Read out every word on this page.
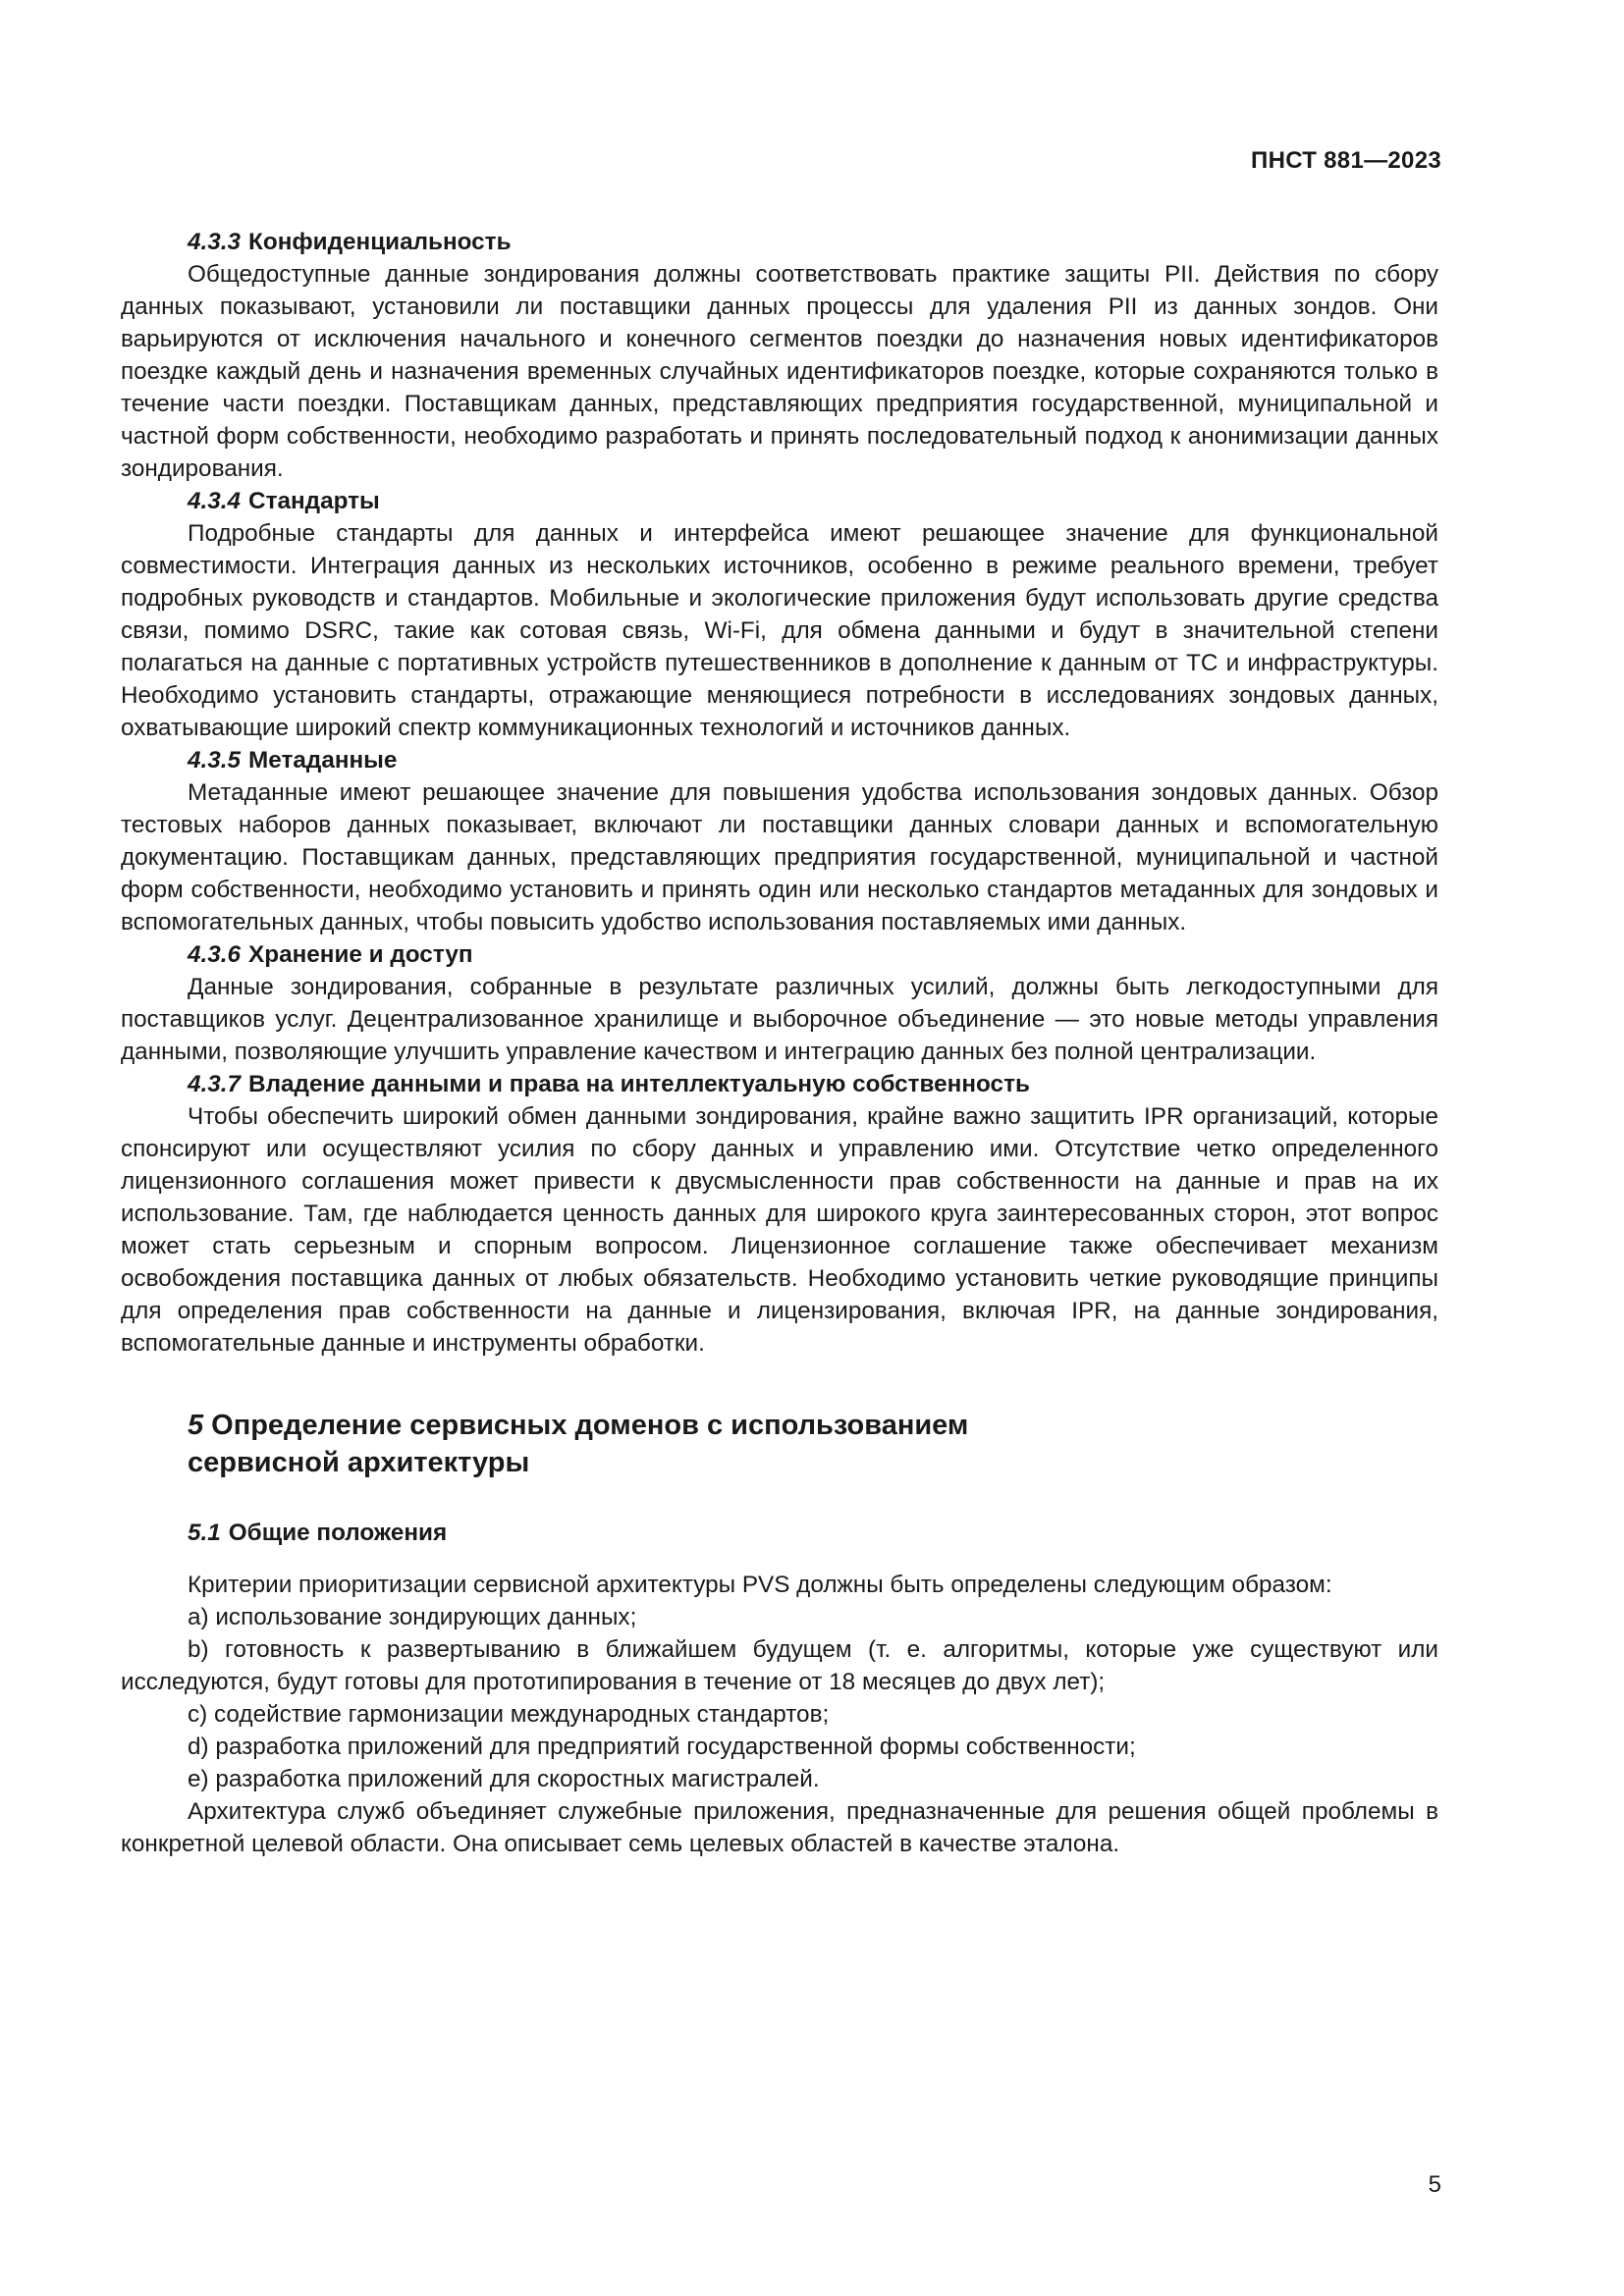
ПНСТ 881—2023

4.3.3 Конфиденциальность

Общедоступные данные зондирования должны соответствовать практике защиты PII. Действия по сбору данных показывают, установили ли поставщики данных процессы для удаления PII из данных зондов. Они варьируются от исключения начального и конечного сегментов поездки до назначения новых идентификаторов поездке каждый день и назначения временных случайных идентификаторов поездке, которые сохраняются только в течение части поездки. Поставщикам данных, представляющих предприятия государственной, муниципальной и частной форм собственности, необходимо разработать и принять последовательный подход к анонимизации данных зондирования.

4.3.4 Стандарты

Подробные стандарты для данных и интерфейса имеют решающее значение для функциональной совместимости. Интеграция данных из нескольких источников, особенно в режиме реального времени, требует подробных руководств и стандартов. Мобильные и экологические приложения будут использовать другие средства связи, помимо DSRC, такие как сотовая связь, Wi-Fi, для обмена данными и будут в значительной степени полагаться на данные с портативных устройств путешественников в дополнение к данным от ТС и инфраструктуры. Необходимо установить стандарты, отражающие меняющиеся потребности в исследованиях зондовых данных, охватывающие широкий спектр коммуникационных технологий и источников данных.

4.3.5 Метаданные

Метаданные имеют решающее значение для повышения удобства использования зондовых данных. Обзор тестовых наборов данных показывает, включают ли поставщики данных словари данных и вспомогательную документацию. Поставщикам данных, представляющих предприятия государственной, муниципальной и частной форм собственности, необходимо установить и принять один или несколько стандартов метаданных для зондовых и вспомогательных данных, чтобы повысить удобство использования поставляемых ими данных.

4.3.6 Хранение и доступ

Данные зондирования, собранные в результате различных усилий, должны быть легкодоступными для поставщиков услуг. Децентрализованное хранилище и выборочное объединение — это новые методы управления данными, позволяющие улучшить управление качеством и интеграцию данных без полной централизации.

4.3.7 Владение данными и права на интеллектуальную собственность

Чтобы обеспечить широкий обмен данными зондирования, крайне важно защитить IPR организаций, которые спонсируют или осуществляют усилия по сбору данных и управлению ими. Отсутствие четко определенного лицензионного соглашения может привести к двусмысленности прав собственности на данные и прав на их использование. Там, где наблюдается ценность данных для широкого круга заинтересованных сторон, этот вопрос может стать серьезным и спорным вопросом. Лицензионное соглашение также обеспечивает механизм освобождения поставщика данных от любых обязательств. Необходимо установить четкие руководящие принципы для определения прав собственности на данные и лицензирования, включая IPR, на данные зондирования, вспомогательные данные и инструменты обработки.

5 Определение сервисных доменов с использованием
сервисной архитектуры

5.1 Общие положения

Критерии приоритизации сервисной архитектуры PVS должны быть определены следующим образом:

а) использование зондирующих данных;

b) готовность к развертыванию в ближайшем будущем (т. е. алгоритмы, которые уже существуют или исследуются, будут готовы для прототипирования в течение от 18 месяцев до двух лет);

c) содействие гармонизации международных стандартов;

d) разработка приложений для предприятий государственной формы собственности;

e) разработка приложений для скоростных магистралей.

Архитектура служб объединяет служебные приложения, предназначенные для решения общей проблемы в конкретной целевой области. Она описывает семь целевых областей в качестве эталона.

5
